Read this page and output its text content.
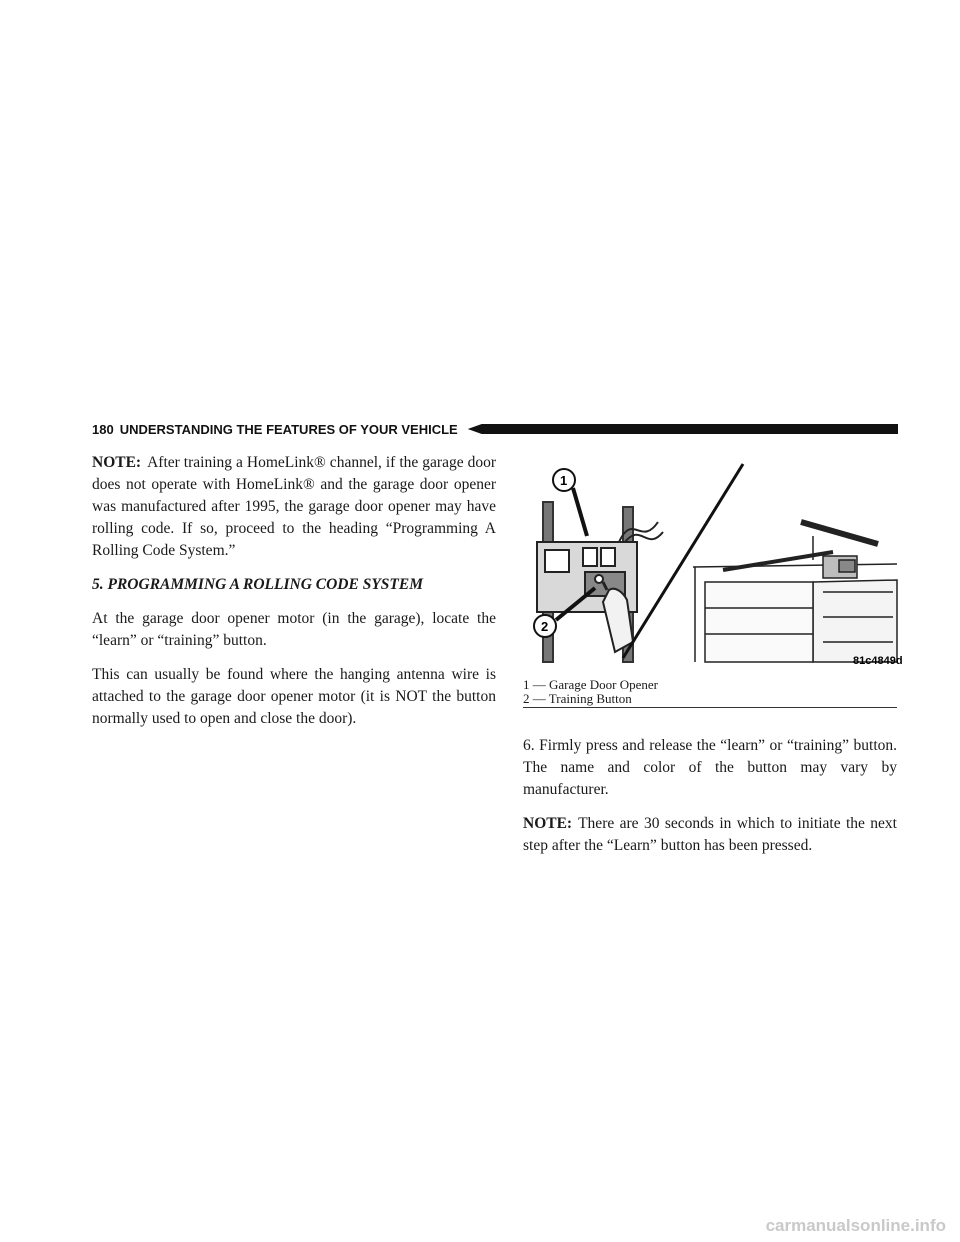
180 UNDERSTANDING THE FEATURES OF YOUR VEHICLE

NOTE: After training a HomeLink® channel, if the garage door does not operate with HomeLink® and the garage door opener was manufactured after 1995, the garage door opener may have rolling code. If so, proceed to the heading “Programming A Rolling Code System.”

5. PROGRAMMING A ROLLING CODE SYSTEM

At the garage door opener motor (in the garage), locate the “learn” or “training” button.

This can usually be found where the hanging antenna wire is attached to the garage door opener motor (it is NOT the button normally used to open and close the door).

1
2
81c4849d
1 — Garage Door Opener
2 — Training Button

6. Firmly press and release the “learn” or “training” button. The name and color of the button may vary by manufacturer.

NOTE: There are 30 seconds in which to initiate the next step after the “Learn” button has been pressed.

carmanualsonline.info
